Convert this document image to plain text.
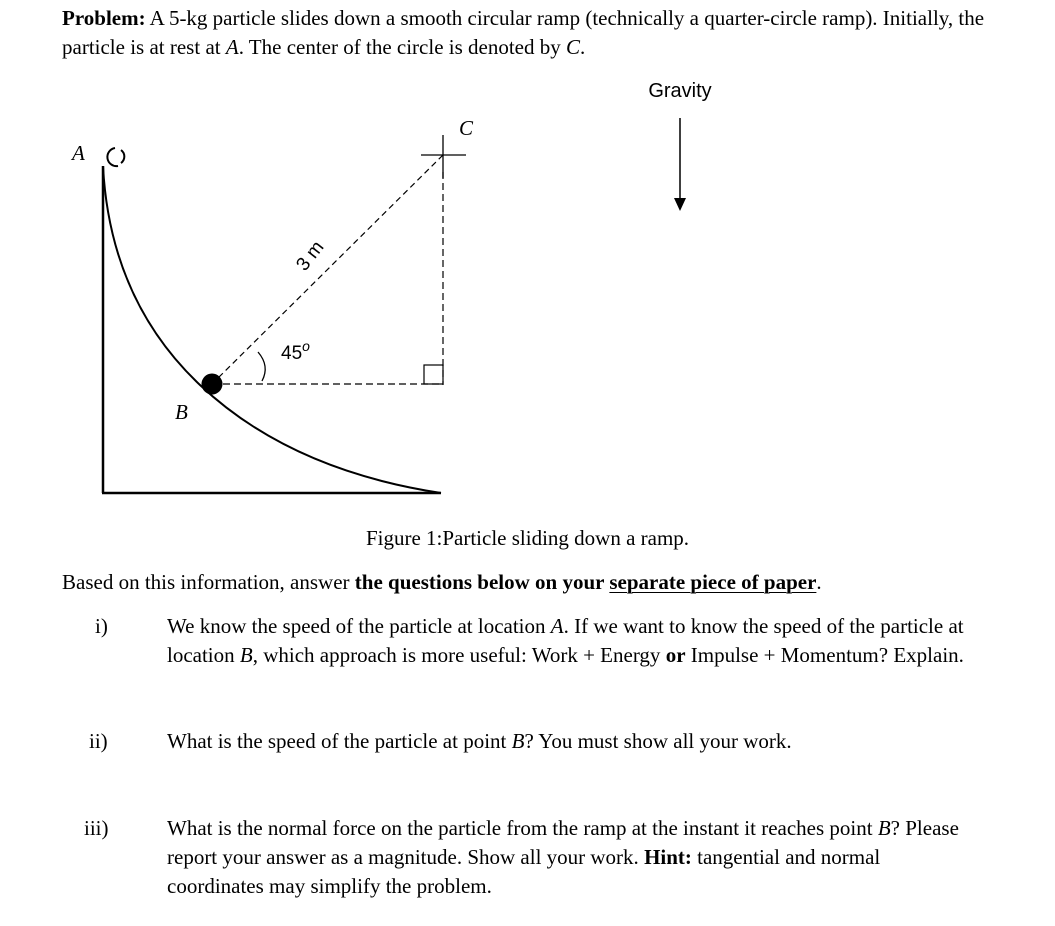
Problem: A 5-kg particle slides down a smooth circular ramp (technically a quarter-circle ramp). Initially, the particle is at rest at A. The center of the circle is denoted by C.
Gravity
A
B
C
3 m
45$^o$
Figure 1:Particle sliding down a ramp.
Based on this information, answer the questions below on your separate piece of paper.
i)	We know the speed of the particle at location A. If we want to know the speed of the particle at location B, which approach is more useful: Work + Energy or Impulse + Momentum? Explain.
ii)	What is the speed of the particle at point B? You must show all your work.
iii)	What is the normal force on the particle from the ramp at the instant it reaches point B? Please report your answer as a magnitude. Show all your work. Hint: tangential and normal coordinates may simplify the problem.
